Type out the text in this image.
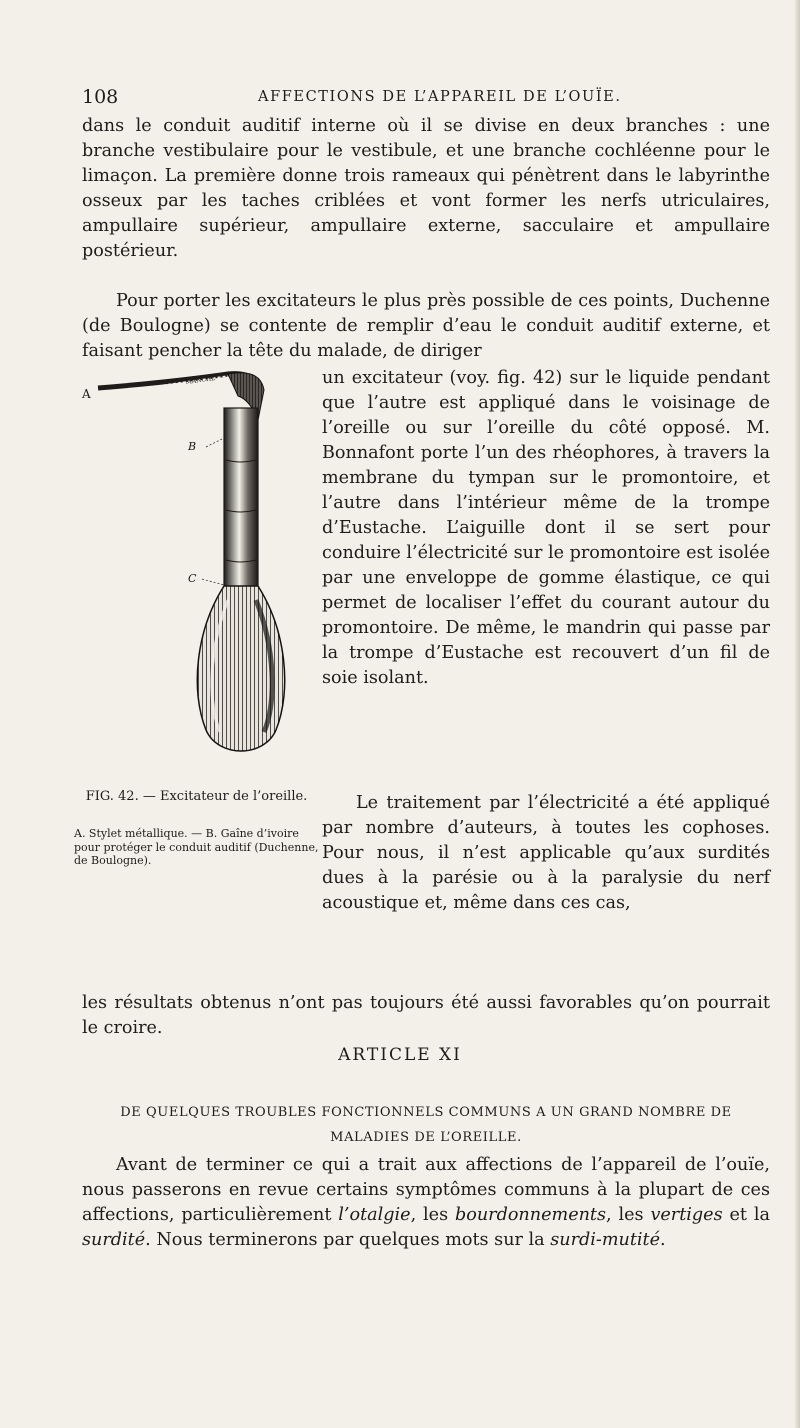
108	AFFECTIONS DE L’APPAREIL DE L’OUÏE.

dans le conduit auditif interne où il se divise en deux branches : une branche vestibulaire pour le vestibule, et une branche cochléenne pour le limaçon. La première donne trois rameaux qui pénètrent dans le labyrinthe osseux par les taches criblées et vont former les nerfs utriculaires, ampullaire supérieur, ampullaire externe, sacculaire et ampullaire postérieur.

Pour porter les excitateurs le plus près possible de ces points, Duchenne (de Boulogne) se contente de remplir d’eau le conduit auditif externe, et faisant pencher la tête du malade, de diriger

un excitateur (voy. fig. 42) sur le liquide pendant que l’autre est appliqué dans le voisinage de l’oreille ou sur l’oreille du côté opposé. M. Bonnafont porte l’un des rhéophores, à travers la membrane du tympan sur le promontoire, et l’autre dans l’intérieur même de la trompe d’Eustache. L’aiguille dont il se sert pour conduire l’électricité sur le promontoire est isolée par une enveloppe de gomme élastique, ce qui permet de localiser l’effet du courant autour du promontoire. De même, le mandrin qui passe par la trompe d’Eustache est recouvert d’un fil de soie isolant.

Le traitement par l’électricité a été appliqué par nombre d’auteurs, à toutes les cophoses. Pour nous, il n’est applicable qu’aux surdités dues à la parésie ou à la paralysie du nerf acoustique et, même dans ces cas,

les résultats obtenus n’ont pas toujours été aussi favorables qu’on pourrait le croire.

MANCHE
A
B
C
FIG. 42. — Excitateur de l’oreille.
A. Stylet métallique. — B. Gaîne d’ivoire pour protéger le conduit auditif (Duchenne, de Boulogne).
ARTICLE XI
DE QUELQUES TROUBLES FONCTIONNELS COMMUNS A UN GRAND NOMBRE DE MALADIES DE L’OREILLE.

Avant de terminer ce qui a trait aux affections de l’appareil de l’ouïe, nous passerons en revue certains symptômes communs à la plupart de ces affections, particulièrement l’otalgie, les bourdonnements, les vertiges et la surdité. Nous terminerons par quelques mots sur la surdi-mutité.
